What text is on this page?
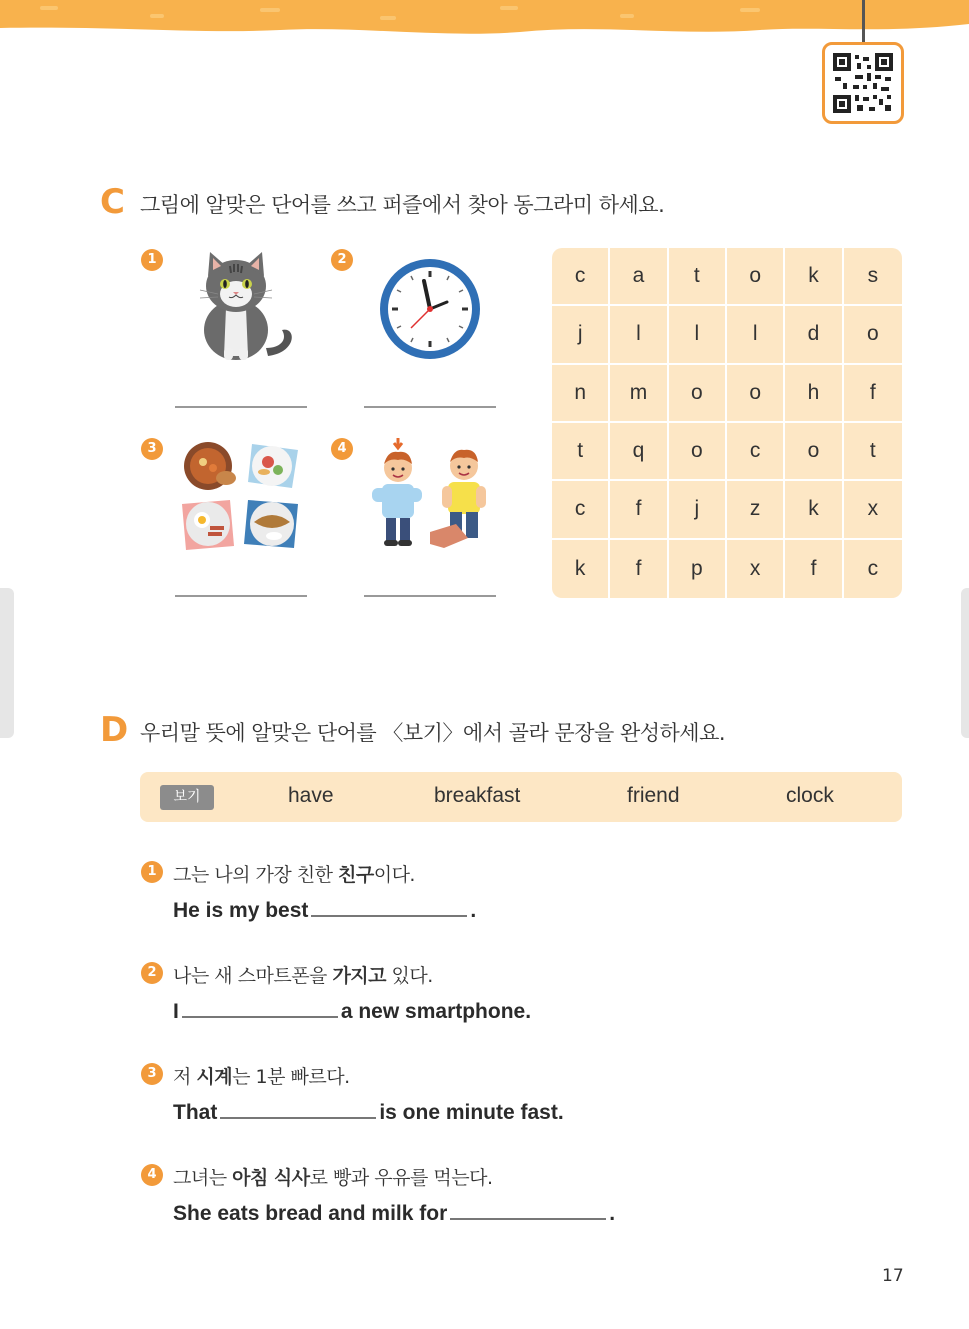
C 그림에 알맞은 단어를 쓰고 퍼즐에서 찾아 동그라미 하세요.
1	2
3	4
c	a	t	o	k	s
j	l	l	l	d	o
n	m	o	o	h	f
t	q	o	c	o	t
c	f	j	z	k	x
k	f	p	x	f	c
D 우리말 뜻에 알맞은 단어를 〈보기〉에서 골라 문장을 완성하세요.
보기	have	breakfast	friend	clock
1 그는 나의 가장 친한 친구이다.
He is my best	.
2 나는 새 스마트폰을 가지고 있다.
I	a new smartphone.
3 저 시계는 1분 빠르다.
That	is one minute fast.
4 그녀는 아침 식사로 빵과 우유를 먹는다.
She eats bread and milk for	.
17
